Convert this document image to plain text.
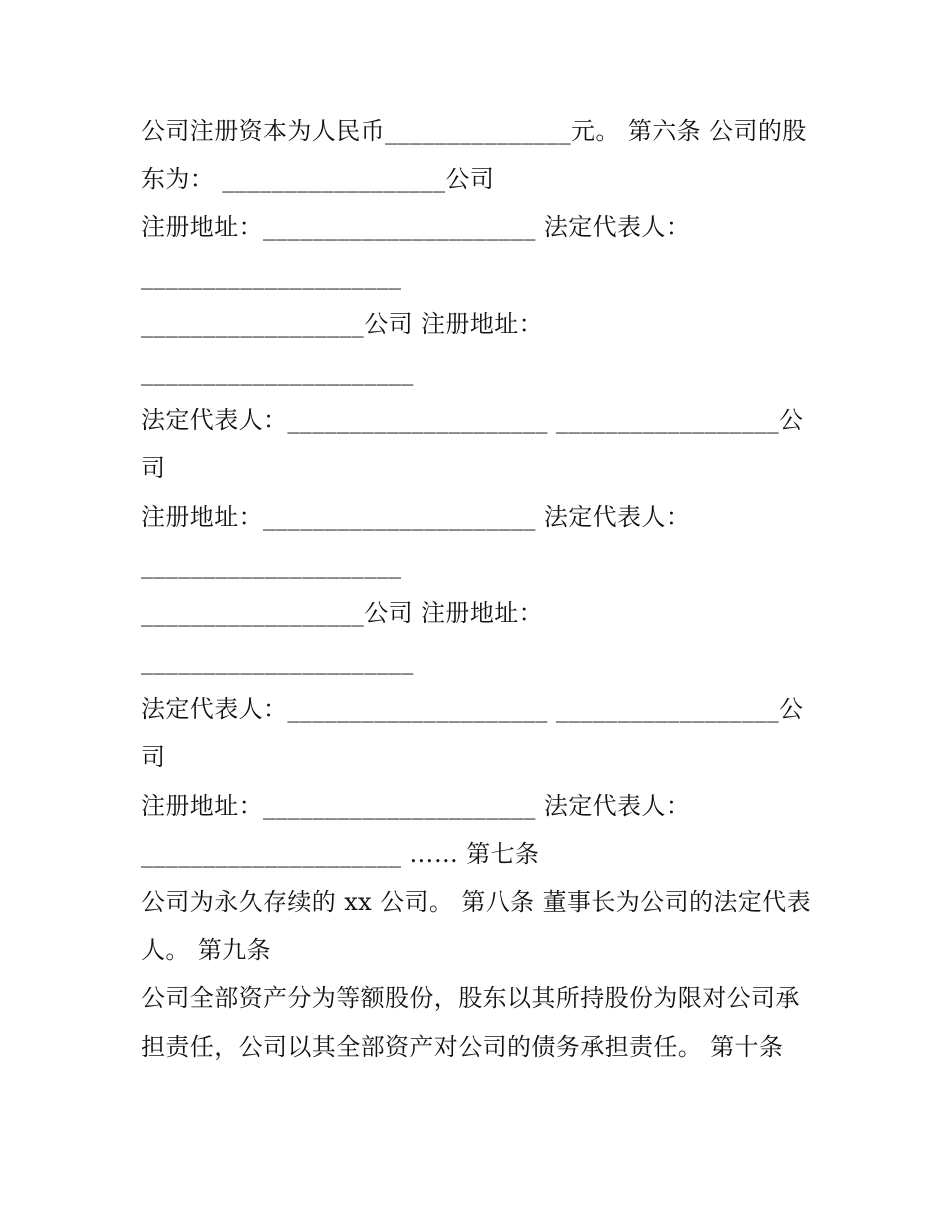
公司注册资本为人民币_______________元。 第六条 公司的股
东为： __________________公司
注册地址：______________________ 法定代表人：
_____________________
__________________公司 注册地址：
______________________
法定代表人：_____________________ __________________公
司
注册地址：______________________ 法定代表人：
_____________________
__________________公司 注册地址：
______________________
法定代表人：_____________________ __________________公
司
注册地址：______________________ 法定代表人：
_____________________ …… 第七条
公司为永久存续的 xx 公司。 第八条 董事长为公司的法定代表
人。 第九条
公司全部资产分为等额股份，股东以其所持股份为限对公司承
担责任，公司以其全部资产对公司的债务承担责任。 第十条
